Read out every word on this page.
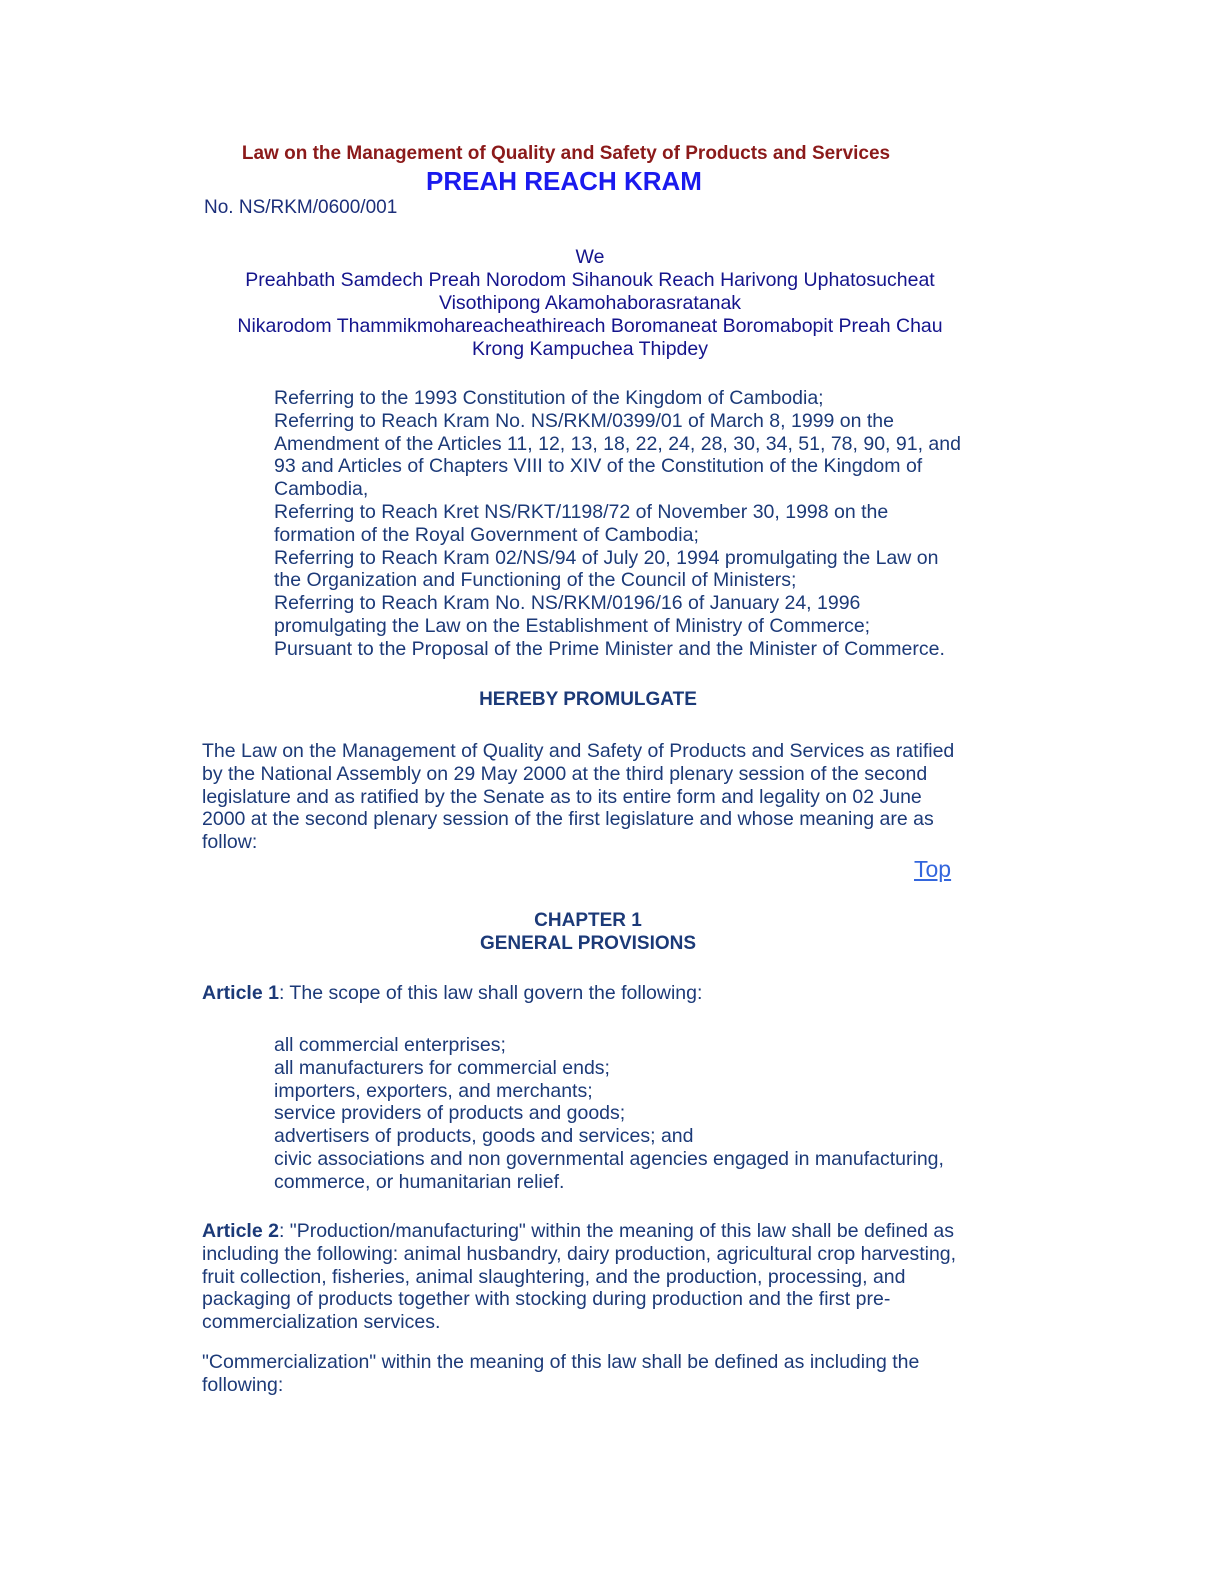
Law on the Management of Quality and Safety of Products and Services
PREAH REACH KRAM
No. NS/RKM/0600/001
We
Preahbath Samdech Preah Norodom Sihanouk Reach Harivong Uphatosucheat
Visothipong Akamohaborasratanak
Nikarodom Thammikmohareacheathireach Boromaneat Boromabopit Preah Chau
Krong Kampuchea Thipdey
Referring to the 1993 Constitution of the Kingdom of Cambodia;
Referring to Reach Kram No. NS/RKM/0399/01 of March 8, 1999 on the
Amendment of the Articles 11, 12, 13, 18, 22, 24, 28, 30, 34, 51, 78, 90, 91, and
93 and Articles of Chapters VIII to XIV of the Constitution of the Kingdom of
Cambodia,
Referring to Reach Kret NS/RKT/1198/72 of November 30, 1998 on the
formation of the Royal Government of Cambodia;
Referring to Reach Kram 02/NS/94 of July 20, 1994 promulgating the Law on
the Organization and Functioning of the Council of Ministers;
Referring to Reach Kram No. NS/RKM/0196/16 of January 24, 1996
promulgating the Law on the Establishment of Ministry of Commerce;
Pursuant to the Proposal of the Prime Minister and the Minister of Commerce.
HEREBY PROMULGATE
The Law on the Management of Quality and Safety of Products and Services as ratified
by the National Assembly on 29 May 2000 at the third plenary session of the second
legislature and as ratified by the Senate as to its entire form and legality on 02 June
2000 at the second plenary session of the first legislature and whose meaning are as
follow:
Top
CHAPTER 1
GENERAL PROVISIONS
Article 1: The scope of this law shall govern the following:
all commercial enterprises;
all manufacturers for commercial ends;
importers, exporters, and merchants;
service providers of products and goods;
advertisers of products, goods and services; and
civic associations and non governmental agencies engaged in manufacturing,
commerce, or humanitarian relief.
Article 2: "Production/manufacturing" within the meaning of this law shall be defined as
including the following: animal husbandry, dairy production, agricultural crop harvesting,
fruit collection, fisheries, animal slaughtering, and the production, processing, and
packaging of products together with stocking during production and the first pre-
commercialization services.
"Commercialization" within the meaning of this law shall be defined as including the
following:
